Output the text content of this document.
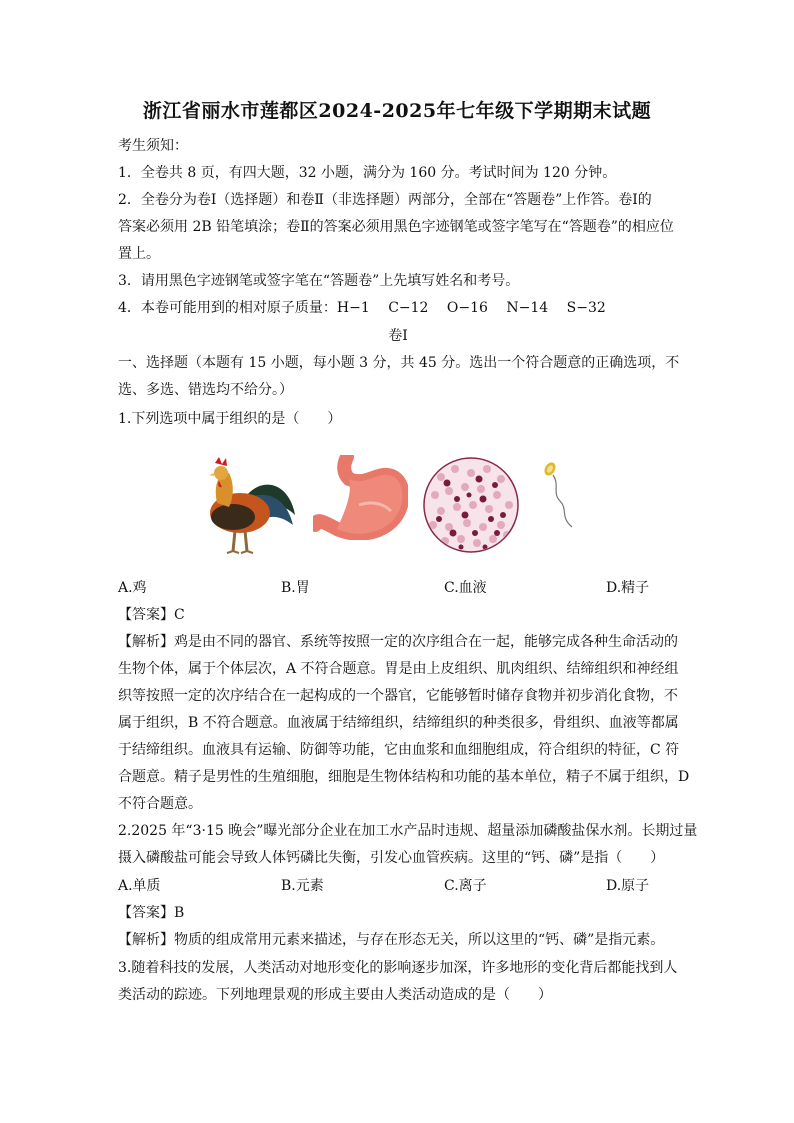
浙江省丽水市莲都区2024-2025年七年级下学期期末试题
考生须知：
1．全卷共 8 页，有四大题，32 小题，满分为 160 分。考试时间为 120 分钟。
2．全卷分为卷Ⅰ（选择题）和卷Ⅱ（非选择题）两部分，全部在“答题卷”上作答。卷Ⅰ的
答案必须用 2B 铅笔填涂；卷Ⅱ的答案必须用黑色字迹钢笔或签字笔写在“答题卷”的相应位
置上。
3．请用黑色字迹钢笔或签字笔在“答题卷”上先填写姓名和考号。
4．本卷可能用到的相对原子质量：H−1　 C−12　 O−16　 N−14　 S−32
卷Ⅰ
一、选择题（本题有 15 小题，每小题 3 分，共 45 分。选出一个符合题意的正确选项，不
选、多选、错选均不给分。）
1.下列选项中属于组织的是（　　）
A.鸡	B.胃	C.血液	D.精子
【答案】C
【解析】鸡是由不同的器官、系统等按照一定的次序组合在一起，能够完成各种生命活动的
生物个体，属于个体层次，A 不符合题意。胃是由上皮组织、肌肉组织、结缔组织和神经组
织等按照一定的次序结合在一起构成的一个器官，它能够暂时储存食物并初步消化食物，不
属于组织，B 不符合题意。血液属于结缔组织，结缔组织的种类很多，骨组织、血液等都属
于结缔组织。血液具有运输、防御等功能，它由血浆和血细胞组成，符合组织的特征，C 符
合题意。精子是男性的生殖细胞，细胞是生物体结构和功能的基本单位，精子不属于组织，D
不符合题意。
2.2025 年“3·15 晚会”曝光部分企业在加工水产品时违规、超量添加磷酸盐保水剂。长期过量
摄入磷酸盐可能会导致人体钙磷比失衡，引发心血管疾病。这里的“钙、磷”是指（　　）
A.单质	B.元素	C.离子	D.原子
【答案】B
【解析】物质的组成常用元素来描述，与存在形态无关，所以这里的“钙、磷”是指元素。
3.随着科技的发展，人类活动对地形变化的影响逐步加深，许多地形的变化背后都能找到人
类活动的踪迹。下列地理景观的形成主要由人类活动造成的是（　　）
